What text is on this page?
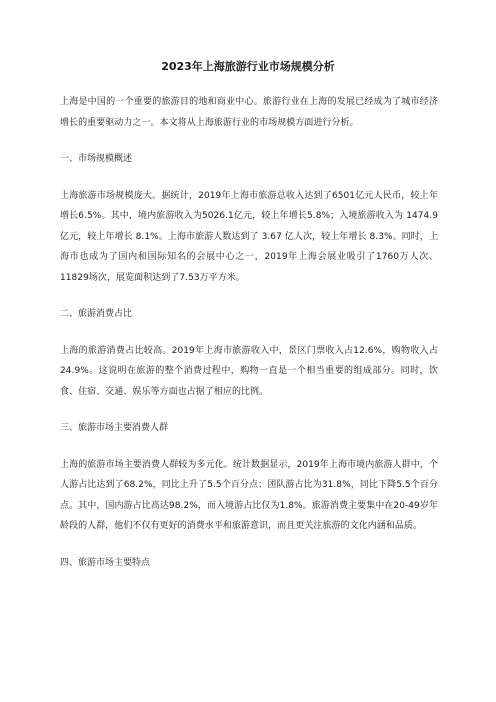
2023年上海旅游行业市场规模分析

上海是中国的一个重要的旅游目的地和商业中心。旅游行业在上海的发展已经成为了城市经济增长的重要驱动力之一。本文将从上海旅游行业的市场规模方面进行分析。

一、市场规模概述

上海旅游市场规模庞大。据统计，2019年上海市旅游总收入达到了6501亿元人民币，较上年增长6.5%。其中，境内旅游收入为5026.1亿元，较上年增长5.8%；入境旅游收入为 1474.9 亿元，较上年增长 8.1%。上海市旅游人数达到了 3.67 亿人次，较上年增长 8.3%。同时，上海市也成为了国内和国际知名的会展中心之一，2019年上海会展业吸引了1760万人次、11829场次，展览面积达到了7.53万平方米。

二、旅游消费占比

上海的旅游消费占比较高。2019年上海市旅游收入中，景区门票收入占12.6%，购物收入占24.9%。这说明在旅游的整个消费过程中，购物一直是一个相当重要的组成部分。同时，饮食、住宿、交通、娱乐等方面也占据了相应的比例。

三、旅游市场主要消费人群

上海的旅游市场主要消费人群较为多元化。统计数据显示，2019年上海市境内旅游人群中，个人游占比达到了68.2%，同比上升了5.5个百分点；团队游占比为31.8%，同比下降5.5个百分点。其中，国内游占比高达98.2%，而入境游占比仅为1.8%。旅游消费主要集中在20-49岁年龄段的人群，他们不仅有更好的消费水平和旅游意识，而且更关注旅游的文化内涵和品质。

四、旅游市场主要特点
